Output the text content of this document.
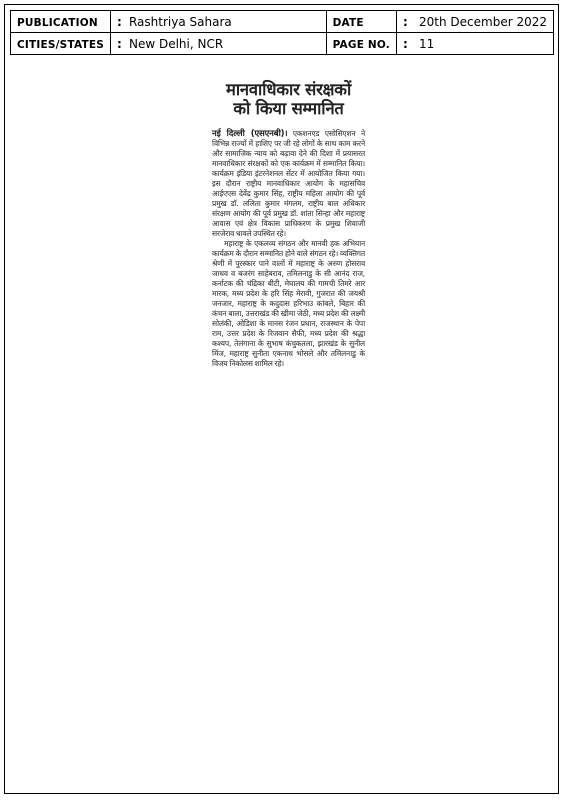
PUBLICATION	: Rashtriya Sahara	DATE	: 20th December 2022
CITIES/STATES	: New Delhi, NCR	PAGE NO.	: 11
मानवाधिकार संरक्षकों
को किया सम्मानित

नई दिल्ली (एसएनबी)। एकशनएड एसोसिएशन ने विभिन्न राज्यों में हाशिए पर जी रहे लोगों के साथ काम करने और सामाजिक न्याय को बढ़ावा देने की दिशा में प्रयासरत मानवाधिकार संरक्षकों को एक कार्यक्रम में सम्मानित किया। कार्यक्रम इंडिया इंटरनेशनल सेंटर में आयोजित किया गया। इस दौरान राष्ट्रीय मानवाधिकार आयोग के महासचिव आईएएस देवेंद्र कुमार सिंह, राष्ट्रीय महिला आयोग की पूर्व प्रमुख डॉ. ललिता कुमार मंगलम, राष्ट्रीय बाल अधिकार संरक्षण आयोग की पूर्व प्रमुख डॉ. शांता सिन्हा और महाराष्ट्र आवास एवं क्षेत्र विकास प्राधिकरण के प्रमुख शिवाजी सरजेराव धावले उपस्थित रहे।

महाराष्ट्र के एकलव्य संगठन और मानवी हक अभियान कार्यक्रम के दौरान सम्मानित होने वाले संगठन रहे। व्यक्तिगत श्रेणी में पुरस्कार पाने वालों में महाराष्ट्र के अरुण होसराव जाधव व बजरंग साहेबराव, तमिलनाडु के सी आनंद राज, कर्नाटक की चंद्रिका बीटी, मेघालय की गामची तिमरे आर मारक, मध्य प्रदेश के हरि सिंह मेरावी, गुजरात की जयश्री जनजार, महाराष्ट्र के कदुदास हरिभाउ कांबले, बिहार की कंचन बाला, उत्तराखंड की खीमा जेठी, मध्य प्रदेश की लक्ष्मी सोलंकी, ओडिशा के मानस रंजन प्रधान, राजस्थान के पेपा राम, उत्तर प्रदेश के रिजवान सैफी, मध्य प्रदेश की श्रद्धा कश्यप, तेलंगाना के सुभाष कंचुकतला, झारखंड के सुनील मिंज, महाराष्ट्र सुनीता एकनाथ भोसले और तमिलनाडु के विजय निकोलस शामिल रहे।
